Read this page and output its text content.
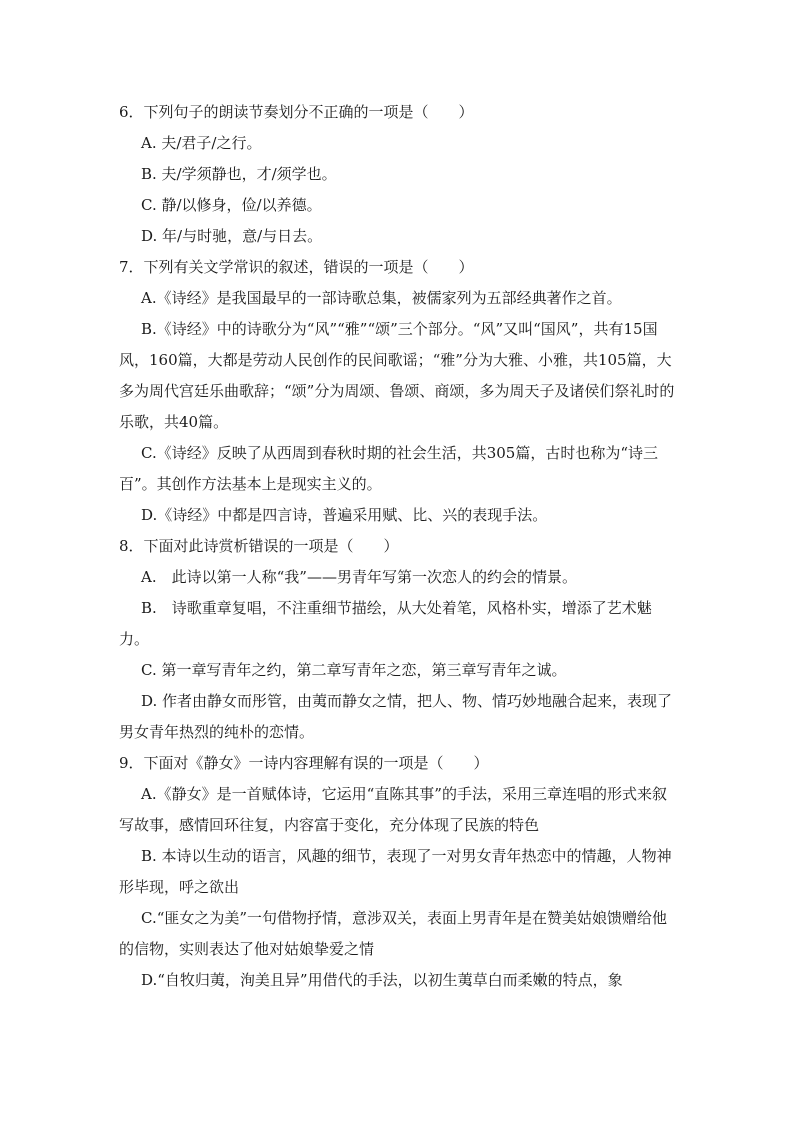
6．下列句子的朗读节奏划分不正确的一项是（　　）

A. 夫/君子/之行。

B. 夫/学须静也，才/须学也。

C. 静/以修身，俭/以养德。

D. 年/与时驰，意/与日去。

7．下列有关文学常识的叙述，错误的一项是（　　）

A.《诗经》是我国最早的一部诗歌总集，被儒家列为五部经典著作之首。

B.《诗经》中的诗歌分为“风”“雅”“颂”三个部分。“风”又叫“国风”，共有15国风，160篇，大都是劳动人民创作的民间歌谣；“雅”分为大雅、小雅，共105篇，大多为周代宫廷乐曲歌辞；“颂”分为周颂、鲁颂、商颂，多为周天子及诸侯们祭礼时的乐歌，共40篇。

C.《诗经》反映了从西周到春秋时期的社会生活，共305篇，古时也称为“诗三百”。其创作方法基本上是现实主义的。

D.《诗经》中都是四言诗，普遍采用赋、比、兴的表现手法。

8．下面对此诗赏析错误的一项是（　　）

A.　此诗以第一人称“我”——男青年写第一次恋人的约会的情景。

B.　诗歌重章复唱，不注重细节描绘，从大处着笔，风格朴实，增添了艺术魅力。

C. 第一章写青年之约，第二章写青年之恋，第三章写青年之诚。

D. 作者由静女而彤管，由荑而静女之情，把人、物、情巧妙地融合起来，表现了男女青年热烈的纯朴的恋情。

9．下面对《静女》一诗内容理解有误的一项是（　　）

A.《静女》是一首赋体诗，它运用“直陈其事”的手法，采用三章连唱的形式来叙写故事，感情回环往复，内容富于变化，充分体现了民族的特色

B. 本诗以生动的语言，风趣的细节，表现了一对男女青年热恋中的情趣，人物神形毕现，呼之欲出

C.“匪女之为美”一句借物抒情，意涉双关，表面上男青年是在赞美姑娘馈赠给他的信物，实则表达了他对姑娘挚爱之情

D.“自牧归荑，洵美且异”用借代的手法，以初生荑草白而柔嫩的特点，象
